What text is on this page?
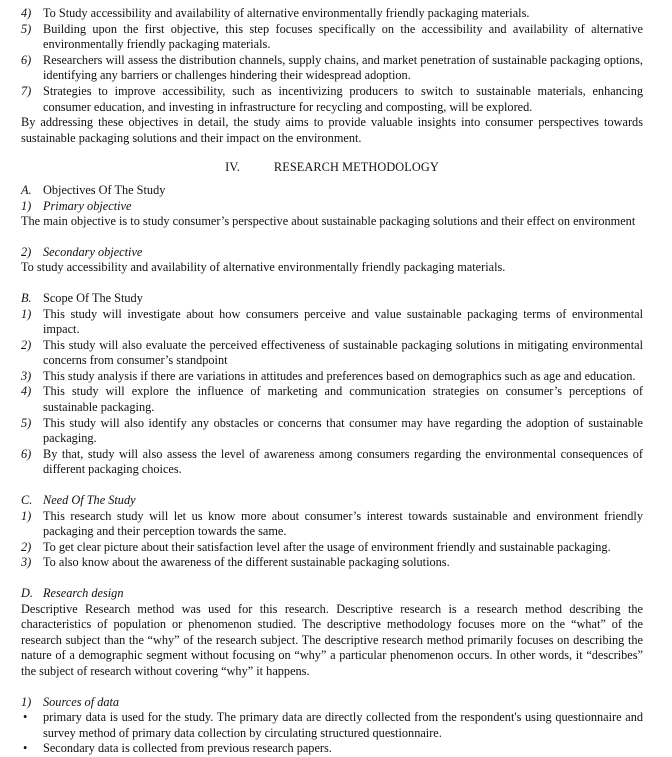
4) To Study accessibility and availability of alternative environmentally friendly packaging materials.
5) Building upon the first objective, this step focuses specifically on the accessibility and availability of alternative environmentally friendly packaging materials.
6) Researchers will assess the distribution channels, supply chains, and market penetration of sustainable packaging options, identifying any barriers or challenges hindering their widespread adoption.
7) Strategies to improve accessibility, such as incentivizing producers to switch to sustainable materials, enhancing consumer education, and investing in infrastructure for recycling and composting, will be explored.

By addressing these objectives in detail, the study aims to provide valuable insights into consumer perspectives towards sustainable packaging solutions and their impact on the environment.

IV.	RESEARCH METHODOLOGY
A. Objectives Of The Study
1) Primary objective

The main objective is to study consumer’s perspective about sustainable packaging solutions and their effect on environment

2) Secondary objective

To study accessibility and availability of alternative environmentally friendly packaging materials.

B. Scope Of The Study
1) This study will investigate about how consumers perceive and value sustainable packaging terms of environmental impact.
2) This study will also evaluate the perceived effectiveness of sustainable packaging solutions in mitigating environmental concerns from consumer’s standpoint
3) This study analysis if there are variations in attitudes and preferences based on demographics such as age and education.
4) This study will explore the influence of marketing and communication strategies on consumer’s perceptions of sustainable packaging.
5) This study will also identify any obstacles or concerns that consumer may have regarding the adoption of sustainable packaging.
6) By that, study will also assess the level of awareness among consumers regarding the environmental consequences of different packaging choices.
C. Need Of The Study
1) This research study will let us know more about consumer’s interest towards sustainable and environment friendly packaging and their perception towards the same.
2) To get clear picture about their satisfaction level after the usage of environment friendly and sustainable packaging.
3) To also know about the awareness of the different sustainable packaging solutions.
D. Research design

Descriptive Research method was used for this research. Descriptive research is a research method describing the characteristics of population or phenomenon studied. The descriptive methodology focuses more on the “what” of the research subject than the “why” of the research subject. The descriptive research method primarily focuses on describing the nature of a demographic segment without focusing on “why” a particular phenomenon occurs. In other words, it “describes” the subject of research without covering “why” it happens.

1) Sources of data
• primary data is used for the study. The primary data are directly collected from the respondent's using questionnaire and survey method of primary data collection by circulating structured questionnaire.
• Secondary data is collected from previous research papers.
